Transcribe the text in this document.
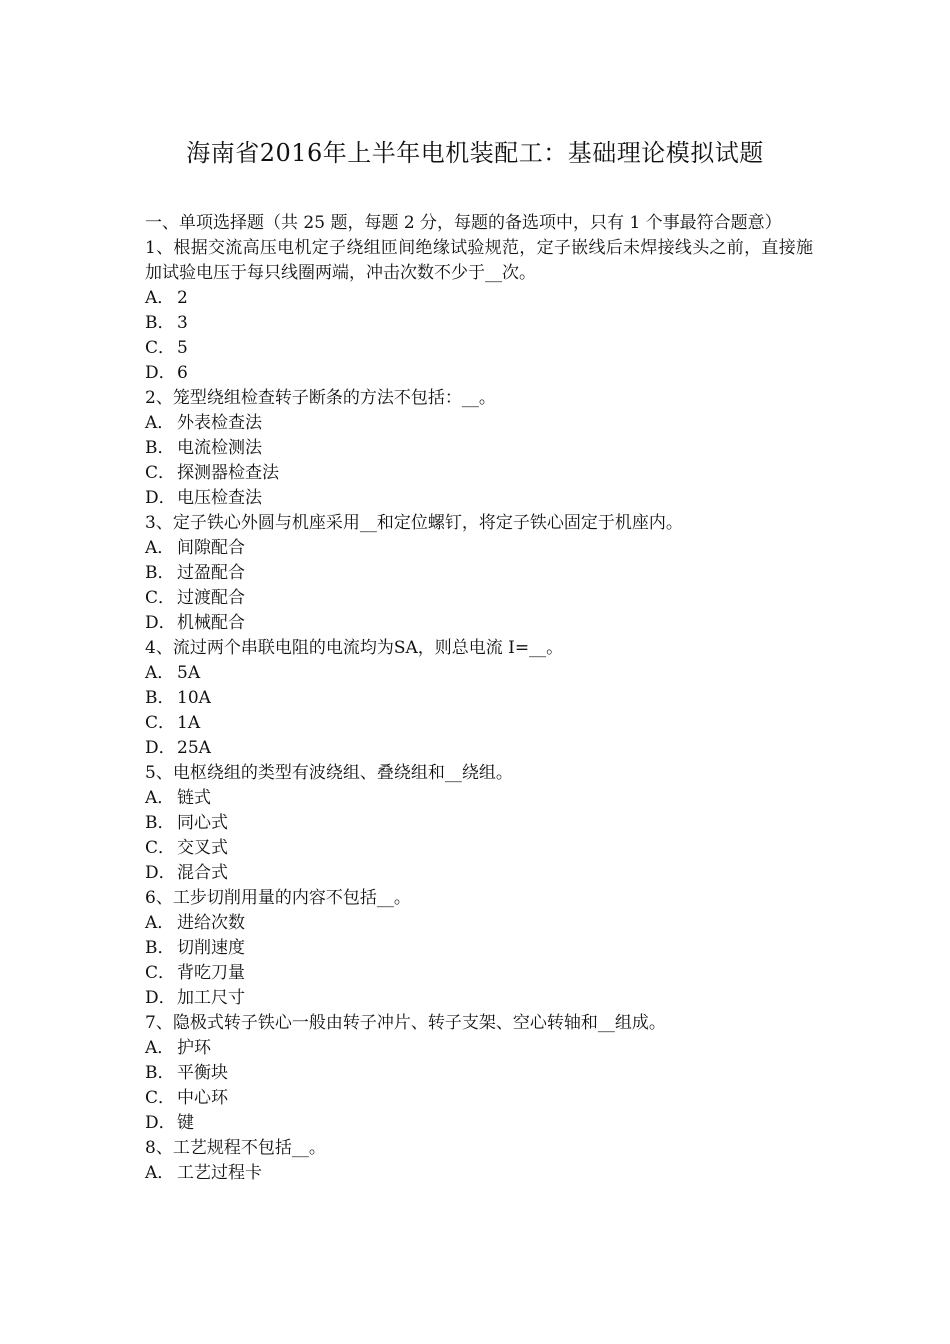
海南省2016年上半年电机装配工：基础理论模拟试题

一、单项选择题（共 25 题，每题 2 分，每题的备选项中，只有 1 个事最符合题意）

1、根据交流高压电机定子绕组匝间绝缘试验规范，定子嵌线后未焊接线头之前，直接施加试验电压于每只线圈两端，冲击次数不少于__次。

A． 2

B． 3

C． 5

D．6

2、笼型绕组检查转子断条的方法不包括：__。

A． 外表检查法

B． 电流检测法

C． 探测器检查法

D．电压检查法

3、定子铁心外圆与机座采用__和定位螺钉，将定子铁心固定于机座内。

A． 间隙配合

B． 过盈配合

C． 过渡配合

D．机械配合

4、流过两个串联电阻的电流均为SA，则总电流 I=__。

A． 5A

B． 10A

C． 1A

D．25A

5、电枢绕组的类型有波绕组、叠绕组和__绕组。

A． 链式

B． 同心式

C． 交叉式

D．混合式

6、工步切削用量的内容不包括__。

A． 进给次数

B． 切削速度

C． 背吃刀量

D．加工尺寸

7、隐极式转子铁心一般由转子冲片、转子支架、空心转轴和__组成。

A． 护环

B． 平衡块

C． 中心环

D．键

8、工艺规程不包括__。

A． 工艺过程卡
